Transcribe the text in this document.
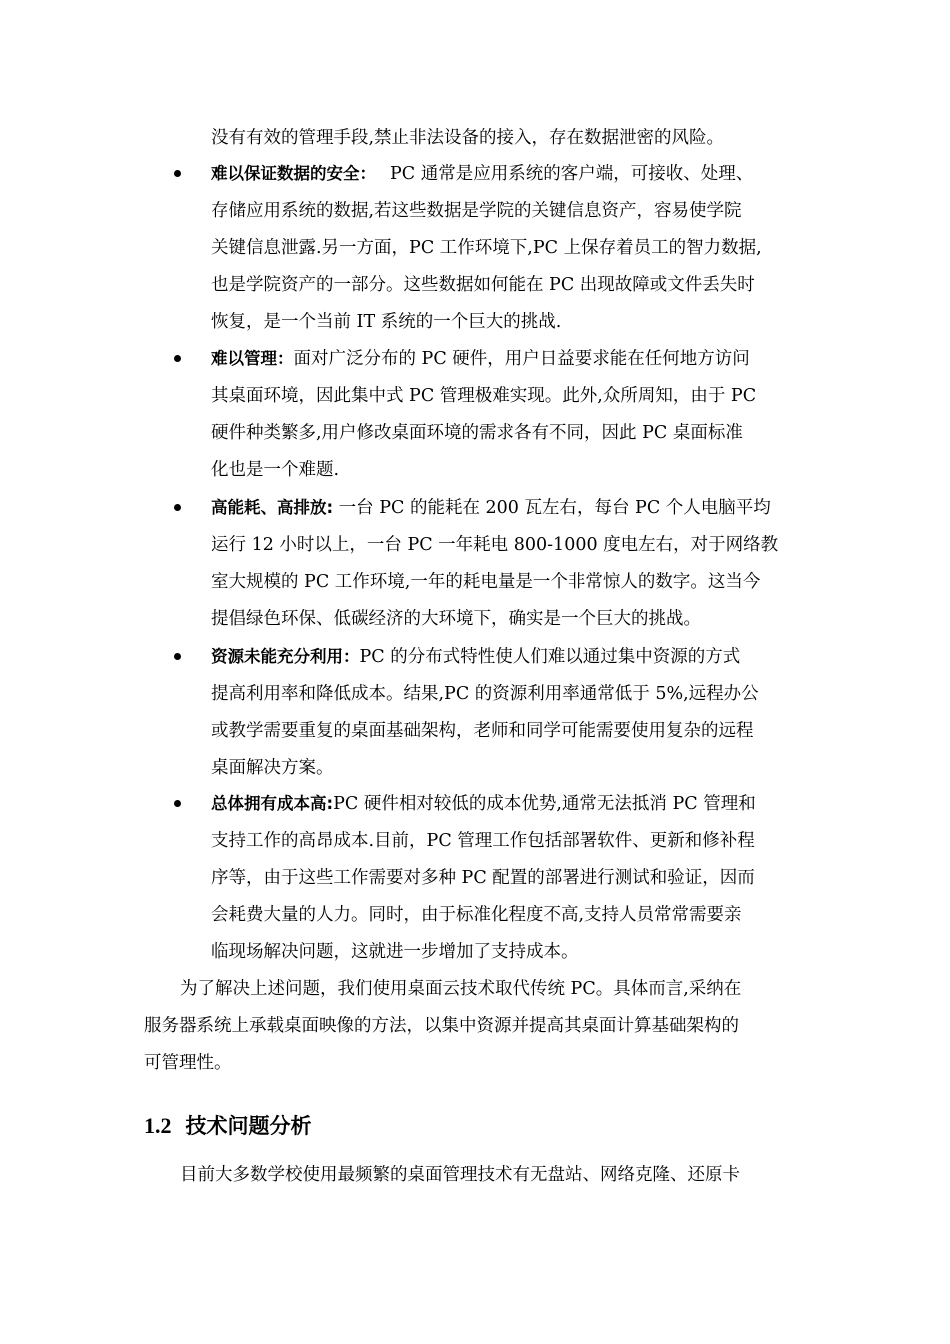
没有有效的管理手段,禁止非法设备的接入，存在数据泄密的风险。
难以保证数据的安全： PC 通常是应用系统的客户端，可接收、处理、
存储应用系统的数据,若这些数据是学院的关键信息资产，容易使学院
关键信息泄露.另一方面，PC 工作环境下,PC 上保存着员工的智力数据,
也是学院资产的一部分。这些数据如何能在 PC 出现故障或文件丢失时
恢复，是一个当前 IT 系统的一个巨大的挑战.
难以管理：面对广泛分布的 PC 硬件，用户日益要求能在任何地方访问
其桌面环境，因此集中式 PC 管理极难实现。此外,众所周知，由于 PC
硬件种类繁多,用户修改桌面环境的需求各有不同，因此 PC 桌面标准
化也是一个难题.
高能耗、高排放: 一台 PC 的能耗在 200 瓦左右，每台 PC 个人电脑平均
运行 12 小时以上，一台 PC 一年耗电 800-1000 度电左右，对于网络教
室大规模的 PC 工作环境,一年的耗电量是一个非常惊人的数字。这当今
提倡绿色环保、低碳经济的大环境下，确实是一个巨大的挑战。
资源未能充分利用：PC 的分布式特性使人们难以通过集中资源的方式
提高利用率和降低成本。结果,PC 的资源利用率通常低于 5%,远程办公
或教学需要重复的桌面基础架构，老师和同学可能需要使用复杂的远程
桌面解决方案。
总体拥有成本高:PC 硬件相对较低的成本优势,通常无法抵消 PC 管理和
支持工作的高昂成本.目前，PC 管理工作包括部署软件、更新和修补程
序等，由于这些工作需要对多种 PC 配置的部署进行测试和验证，因而
会耗费大量的人力。同时，由于标准化程度不高,支持人员常常需要亲
临现场解决问题，这就进一步增加了支持成本。
为了解决上述问题，我们使用桌面云技术取代传统 PC。具体而言,采纳在
服务器系统上承载桌面映像的方法，以集中资源并提高其桌面计算基础架构的
可管理性。
1.2 技术问题分析
目前大多数学校使用最频繁的桌面管理技术有无盘站、网络克隆、还原卡
